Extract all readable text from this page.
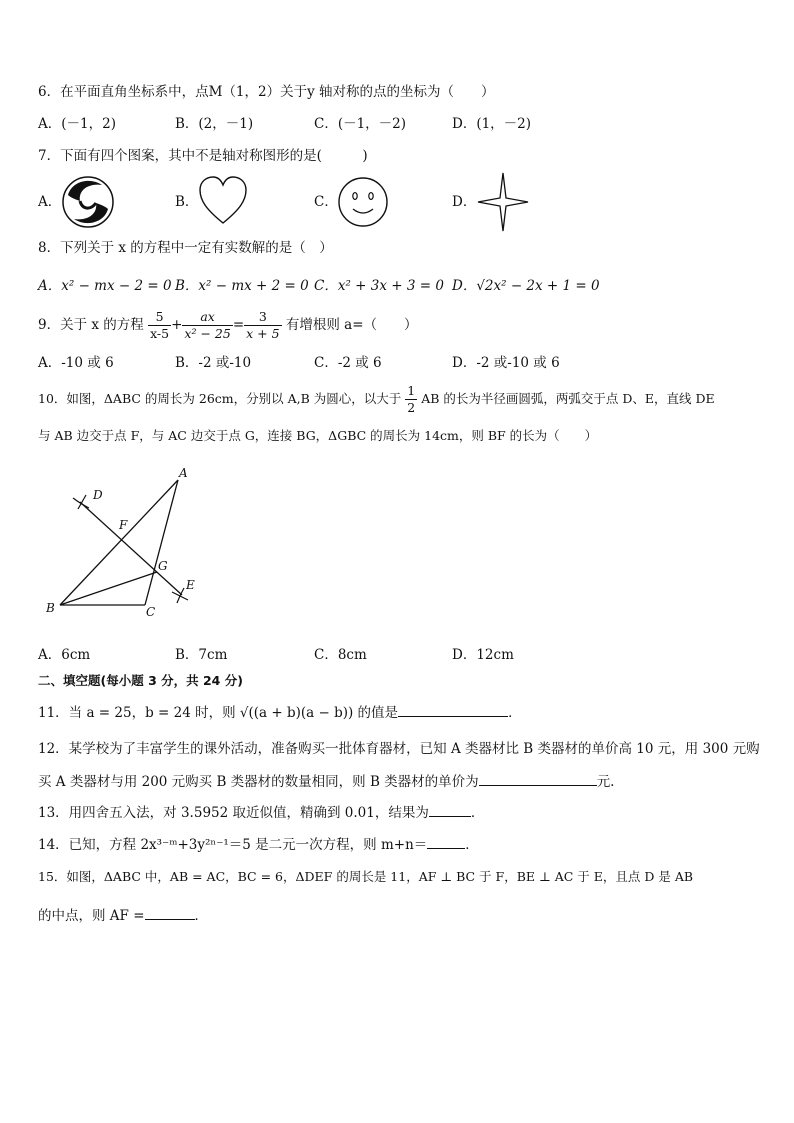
6．在平面直角坐标系中，点M（1，2）关于y 轴对称的点的坐标为（　　）
A．(－1，2)	B．(2，－1)	C．(－1，－2)	D．(1，－2)
7．下面有四个图案，其中不是轴对称图形的是(　　　)
A．	B．	C．	D．
8．下列关于 x 的方程中一定有实数解的是（　）
A．x² − mx − 2 = 0 B．x² − mx + 2 = 0 C．x² + 3x + 3 = 0 D．√2x² − 2x + 1 = 0
9．关于 x 的方程 $\frac{5}{x-5} + \frac{ax}{\text{x² − 25}} = \frac{3}{x + 5}$ 有增根则 a=（　　）
A．-10 或 6	B．-2 或-10	C．-2 或 6	D．-2 或-10 或 6
10．如图，ΔABC 的周长为 26cm，分别以 A,B 为圆心，以大于 $\frac{1}{2}$ AB 的长为半径画圆弧，两弧交于点 D、E，直线 DE
与 AB 边交于点 F，与 AC 边交于点 G，连接 BG，ΔGBC 的周长为 14cm，则 BF 的长为（　　）
A
B	C
D
E
F
G
A．6cm	B．7cm	C．8cm	D．12cm
二、填空题(每小题 3 分，共 24 分)
11．当 a = 25，b = 24 时，则 √((a + b)(a − b)) 的值是	．
12．某学校为了丰富学生的课外活动，准备购买一批体育器材，已知 A 类器材比 B 类器材的单价高 10 元，用 300 元购
买 A 类器材与用 200 元购买 B 类器材的数量相同，则 B 类器材的单价为	元.
13．用四舍五入法，对 3.5952 取近似值，精确到 0.01，结果为	．
14．已知，方程 2x³⁻ᵐ+3y²ⁿ⁻¹＝5 是二元一次方程，则 m+n＝	．
15．如图，ΔABC 中，AB = AC，BC = 6，ΔDEF 的周长是 11，AF ⊥ BC 于 F，BE ⊥ AC 于 E，且点 D 是 AB
的中点，则 AF =	．
